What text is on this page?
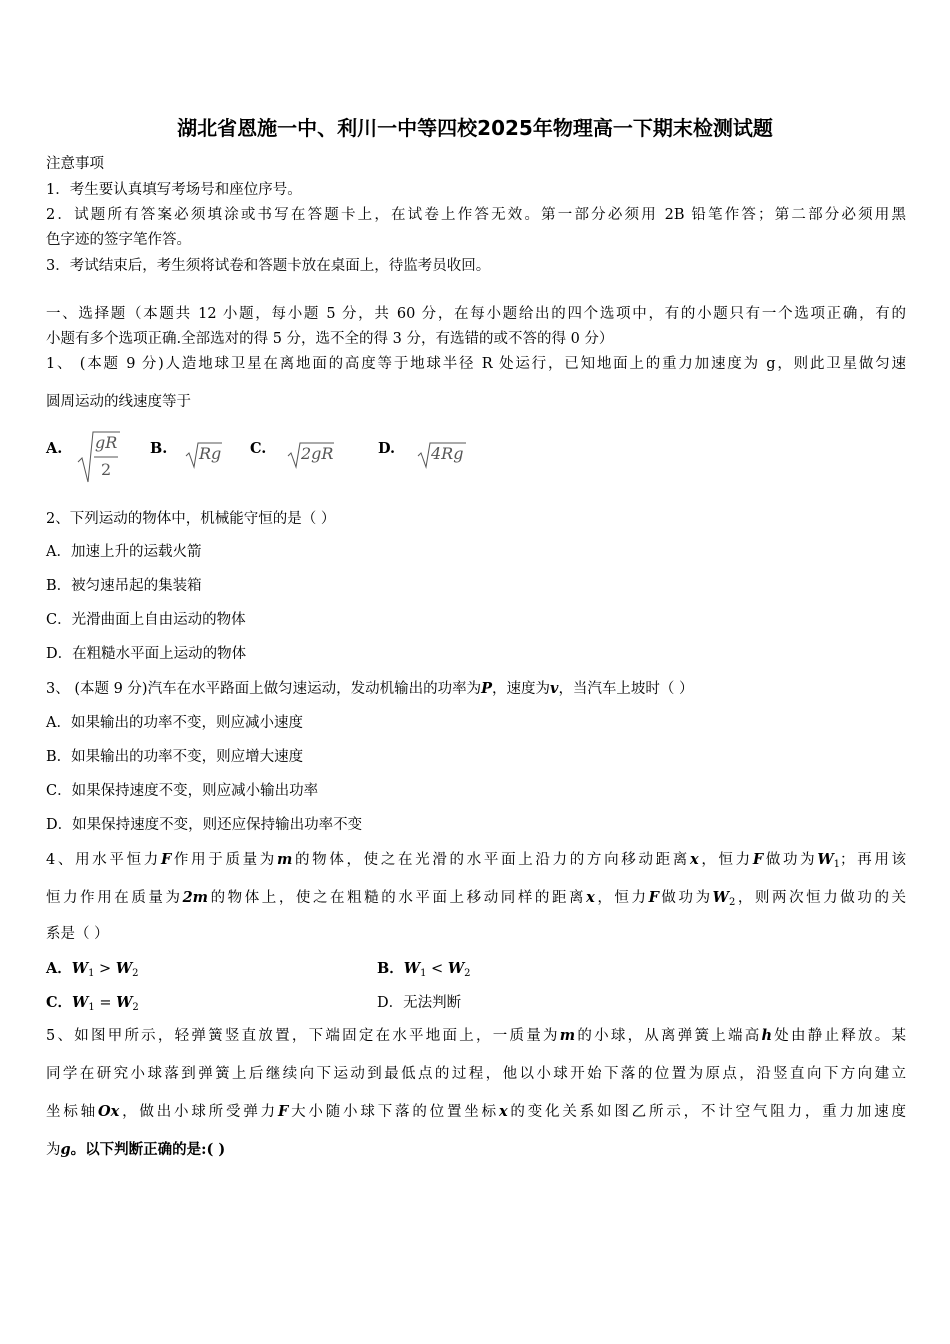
湖北省恩施一中、利川一中等四校2025年物理高一下期末检测试题
注意事项
1．考生要认真填写考场号和座位序号。
2．试题所有答案必须填涂或书写在答题卡上，在试卷上作答无效。第一部分必须用 2B 铅笔作答；第二部分必须用黑
色字迹的签字笔作答。
3．考试结束后，考生须将试卷和答题卡放在桌面上，待监考员收回。
一、选择题（本题共 12 小题，每小题 5 分，共 60 分，在每小题给出的四个选项中，有的小题只有一个选项正确，有的
小题有多个选项正确.全部选对的得 5 分，选不全的得 3 分，有选错的或不答的得 0 分）
1、 (本题 9 分)人造地球卫星在离地面的高度等于地球半径 R 处运行，已知地面上的重力加速度为 g，则此卫星做匀速
圆周运动的线速度等于
A. gR
2
B. Rg C. 2gR	D. 4Rg
2、下列运动的物体中，机械能守恒的是（ ）
A．加速上升的运载火箭
B．被匀速吊起的集装箱
C．光滑曲面上自由运动的物体
D．在粗糙水平面上运动的物体
3、 (本题 9 分)汽车在水平路面上做匀速运动，发动机输出的功率为P，速度为v，当汽车上坡时（ ）
A．如果输出的功率不变，则应减小速度
B．如果输出的功率不变，则应增大速度
C．如果保持速度不变，则应减小输出功率
D．如果保持速度不变，则还应保持输出功率不变
4、用水平恒力F作用于质量为m的物体，使之在光滑的水平面上沿力的方向移动距离x，恒力F做功为$W_1$；再用该
恒力作用在质量为2m的物体上，使之在粗糙的水平面上移动同样的距离x，恒力F做功为$W_2$，则两次恒力做功的关
系是（ ）
A．$W_1 > W_2$	B．$W_1 < W_2$
C．$W_1 = W_2$	D．无法判断
5、如图甲所示，轻弹簧竖直放置，下端固定在水平地面上，一质量为m的小球，从离弹簧上端高h处由静止释放。某
同学在研究小球落到弹簧上后继续向下运动到最低点的过程，他以小球开始下落的位置为原点，沿竖直向下方向建立
坐标轴Ox，做出小球所受弹力F大小随小球下落的位置坐标x的变化关系如图乙所示，不计空气阻力，重力加速度
为g。以下判断正确的是:( )
